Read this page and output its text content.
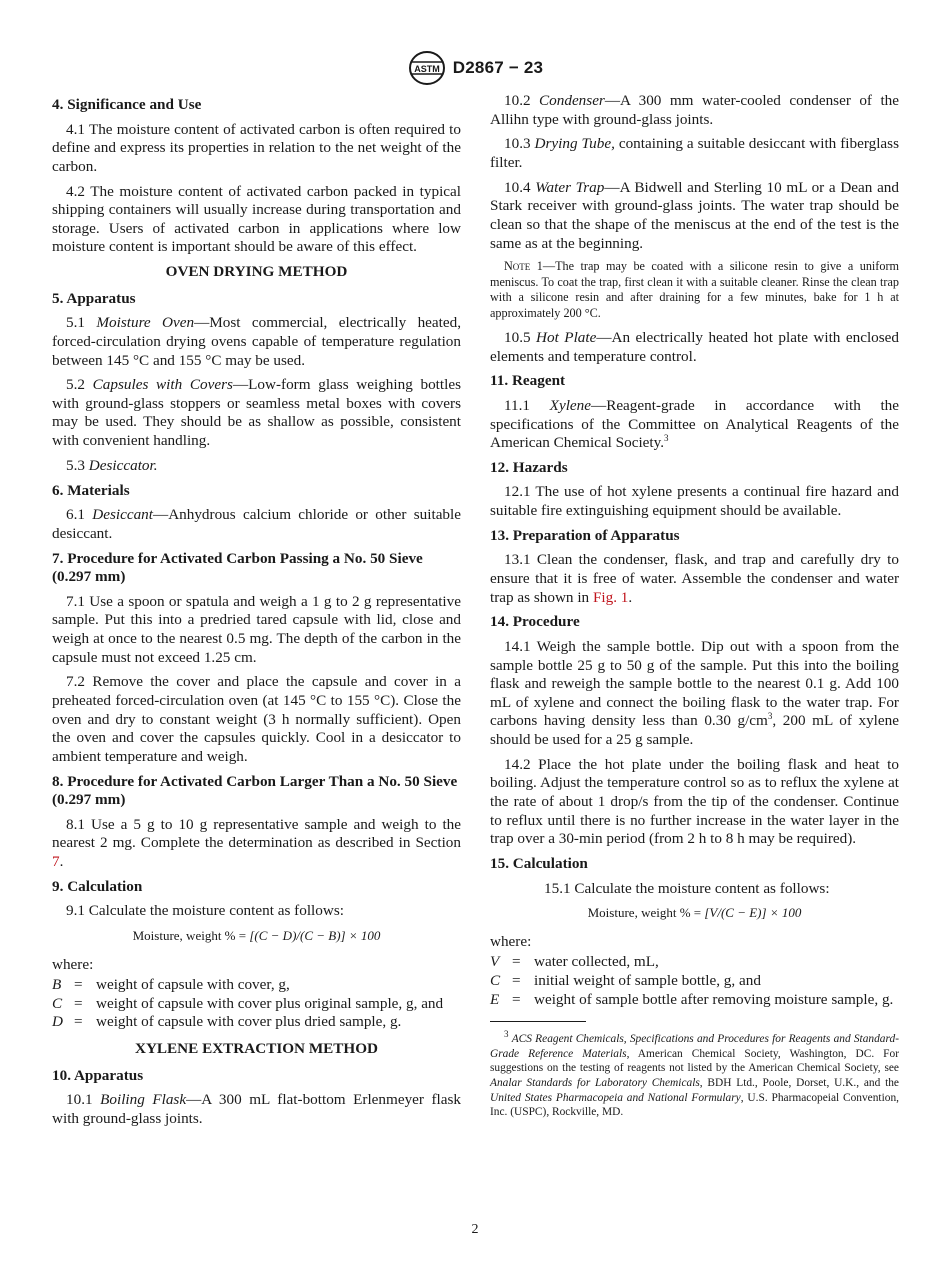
ASTM D2867 − 23
4. Significance and Use

4.1 The moisture content of activated carbon is often required to define and express its properties in relation to the net weight of the carbon.

4.2 The moisture content of activated carbon packed in typical shipping containers will usually increase during transportation and storage. Users of activated carbon in applications where low moisture content is important should be aware of this effect.

OVEN DRYING METHOD
5. Apparatus

5.1 Moisture Oven—Most commercial, electrically heated, forced-circulation drying ovens capable of temperature regulation between 145 °C and 155 °C may be used.

5.2 Capsules with Covers—Low-form glass weighing bottles with ground-glass stoppers or seamless metal boxes with covers may be used. They should be as shallow as possible, consistent with convenient handling.

5.3 Desiccator.

6. Materials

6.1 Desiccant—Anhydrous calcium chloride or other suitable desiccant.

7. Procedure for Activated Carbon Passing a No. 50 Sieve (0.297 mm)

7.1 Use a spoon or spatula and weigh a 1 g to 2 g representative sample. Put this into a predried tared capsule with lid, close and weigh at once to the nearest 0.5 mg. The depth of the carbon in the capsule must not exceed 1.25 cm.

7.2 Remove the cover and place the capsule and cover in a preheated forced-circulation oven (at 145 °C to 155 °C). Close the oven and dry to constant weight (3 h normally sufficient). Open the oven and cover the capsules quickly. Cool in a desiccator to ambient temperature and weigh.

8. Procedure for Activated Carbon Larger Than a No. 50 Sieve (0.297 mm)

8.1 Use a 5 g to 10 g representative sample and weigh to the nearest 2 mg. Complete the determination as described in Section 7.

9. Calculation

9.1 Calculate the moisture content as follows:

Moisture, weight % = [(C − D)/(C − B)] × 100
where:
B = weight of capsule with cover, g,
C = weight of capsule with cover plus original sample, g, and
D = weight of capsule with cover plus dried sample, g.
XYLENE EXTRACTION METHOD
10. Apparatus

10.1 Boiling Flask—A 300 mL flat-bottom Erlenmeyer flask with ground-glass joints.

10.2 Condenser—A 300 mm water-cooled condenser of the Allihn type with ground-glass joints.

10.3 Drying Tube, containing a suitable desiccant with fiberglass filter.

10.4 Water Trap—A Bidwell and Sterling 10 mL or a Dean and Stark receiver with ground-glass joints. The water trap should be clean so that the shape of the meniscus at the end of the test is the same as at the beginning.

Note 1—The trap may be coated with a silicone resin to give a uniform meniscus. To coat the trap, first clean it with a suitable cleaner. Rinse the clean trap with a silicone resin and after draining for a few minutes, bake for 1 h at approximately 200 °C.

10.5 Hot Plate—An electrically heated hot plate with enclosed elements and temperature control.

11. Reagent

11.1 Xylene—Reagent-grade in accordance with the specifications of the Committee on Analytical Reagents of the American Chemical Society.$^3$

12. Hazards

12.1 The use of hot xylene presents a continual fire hazard and suitable fire extinguishing equipment should be available.

13. Preparation of Apparatus

13.1 Clean the condenser, flask, and trap and carefully dry to ensure that it is free of water. Assemble the condenser and water trap as shown in Fig. 1.

14. Procedure

14.1 Weigh the sample bottle. Dip out with a spoon from the sample bottle 25 g to 50 g of the sample. Put this into the boiling flask and reweigh the sample bottle to the nearest 0.1 g. Add 100 mL of xylene and connect the boiling flask to the water trap. For carbons having density less than 0.30 $g/cm^3$, 200 mL of xylene should be used for a 25 g sample.

14.2 Place the hot plate under the boiling flask and heat to boiling. Adjust the temperature control so as to reflux the xylene at the rate of about 1 drop/s from the tip of the condenser. Continue to reflux until there is no further increase in the water layer in the trap over a 30-min period (from 2 h to 8 h may be required).

15. Calculation

15.1 Calculate the moisture content as follows:

Moisture, weight % = [V/(C − E)] × 100
where:
V = water collected, mL,
C = initial weight of sample bottle, g, and
E = weight of sample bottle after removing moisture sample, g.
$^3$ ACS Reagent Chemicals, Specifications and Procedures for Reagents and Standard-Grade Reference Materials, American Chemical Society, Washington, DC. For suggestions on the testing of reagents not listed by the American Chemical Society, see Analar Standards for Laboratory Chemicals, BDH Ltd., Poole, Dorset, U.K., and the United States Pharmacopeia and National Formulary, U.S. Pharmacopeial Convention, Inc. (USPC), Rockville, MD.
2
